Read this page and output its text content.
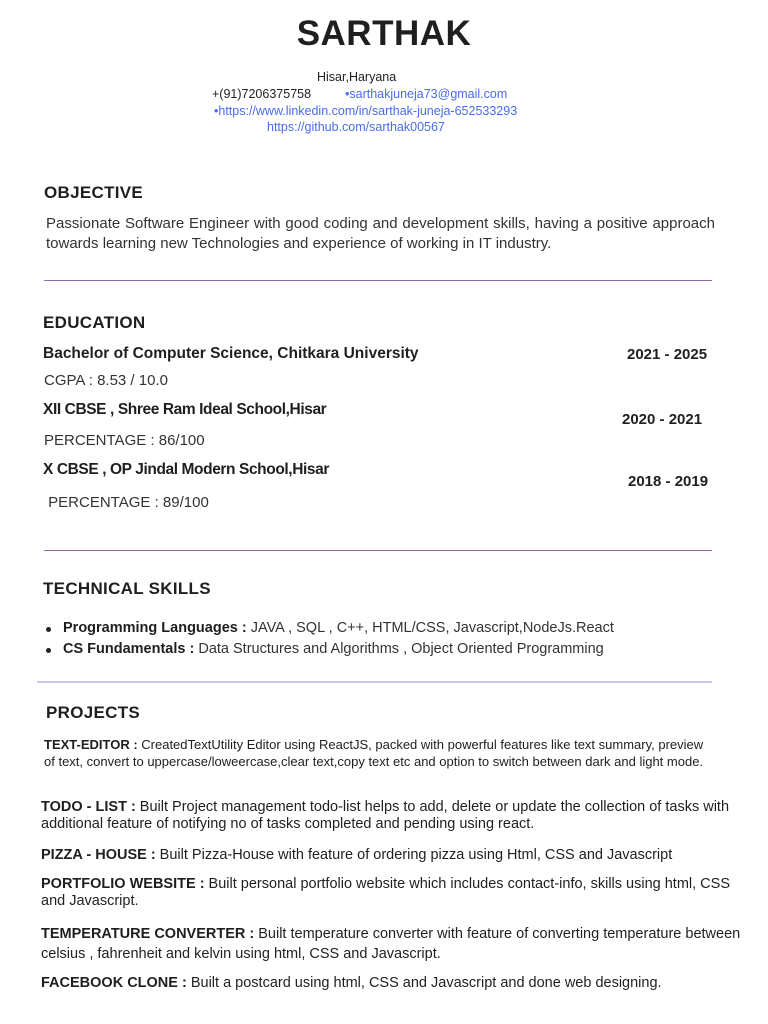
SARTHAK
Hisar,Haryana
+(91)7206375758	•sarthakjuneja73@gmail.com
•https://www.linkedin.com/in/sarthak-juneja-652533293
https://github.com/sarthak00567
OBJECTIVE
Passionate Software Engineer with good coding and development skills, having a positive approach towards learning new Technologies and experience of working in IT industry.
EDUCATION
Bachelor of Computer Science, Chitkara University
CGPA : 8.53 / 10.0
2021 - 2025
XII CBSE , Shree Ram Ideal School,Hisar
PERCENTAGE : 86/100
2020 - 2021
X CBSE , OP Jindal Modern School,Hisar
PERCENTAGE : 89/100
2018 - 2019
TECHNICAL SKILLS
Programming Languages : JAVA , SQL , C++, HTML/CSS, Javascript,NodeJs.React
CS Fundamentals : Data Structures and Algorithms , Object Oriented Programming
PROJECTS
TEXT-EDITOR : CreatedTextUtility Editor using ReactJS, packed with powerful features like text summary, preview of text, convert to uppercase/loweercase,clear text,copy text etc and option to switch between dark and light mode.
TODO - LIST : Built Project management todo-list helps to add, delete or update the collection of tasks with additional feature of notifying no of tasks completed and pending using react.
PIZZA - HOUSE : Built Pizza-House with feature of ordering pizza using Html, CSS and Javascript
PORTFOLIO WEBSITE : Built personal portfolio website which includes contact-info, skills using html, CSS and Javascript.
TEMPERATURE CONVERTER : Built temperature converter with feature of converting temperature between celsius , fahrenheit and kelvin using html, CSS and Javascript.
FACEBOOK CLONE : Built a postcard using html, CSS and Javascript and done web designing.
